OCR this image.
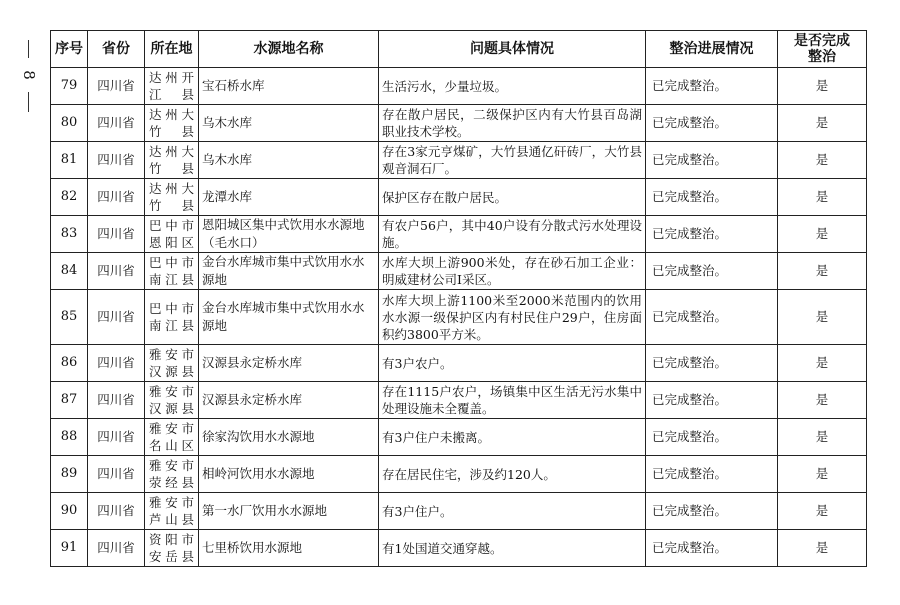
8
序号	省份	所在地	水源地名称	问题具体情况	整治进展情况	是否完成整治
79	四川省	达州开江县	宝石桥水库	生活污水，少量垃圾。	已完成整治。	是
80	四川省	达州大竹县	乌木水库	存在散户居民，二级保护区内有大竹县百岛湖职业技术学校。	已完成整治。	是
81	四川省	达州大竹县	乌木水库	存在3家元亨煤矿，大竹县通亿矸砖厂，大竹县观音洞石厂。	已完成整治。	是
82	四川省	达州大竹县	龙潭水库	保护区存在散户居民。	已完成整治。	是
83	四川省	巴中市恩阳区	恩阳城区集中式饮用水水源地（毛水口）	有农户56户，其中40户设有分散式污水处理设施。	已完成整治。	是
84	四川省	巴中市南江县	金台水库城市集中式饮用水水源地	水库大坝上游900米处，存在砂石加工企业：明威建材公司Ⅰ采区。	已完成整治。	是
85	四川省	巴中市南江县	金台水库城市集中式饮用水水源地	水库大坝上游1100米至2000米范围内的饮用水水源一级保护区内有村民住户29户，住房面积约3800平方米。	已完成整治。	是
86	四川省	雅安市汉源县	汉源县永定桥水库	有3户农户。	已完成整治。	是
87	四川省	雅安市汉源县	汉源县永定桥水库	存在1115户农户，场镇集中区生活无污水集中处理设施未全覆盖。	已完成整治。	是
88	四川省	雅安市名山区	徐家沟饮用水水源地	有3户住户未搬离。	已完成整治。	是
89	四川省	雅安市荥经县	相岭河饮用水水源地	存在居民住宅，涉及约120人。	已完成整治。	是
90	四川省	雅安市芦山县	第一水厂饮用水水源地	有3户住户。	已完成整治。	是
91	四川省	资阳市安岳县	七里桥饮用水源地	有1处国道交通穿越。	已完成整治。	是
